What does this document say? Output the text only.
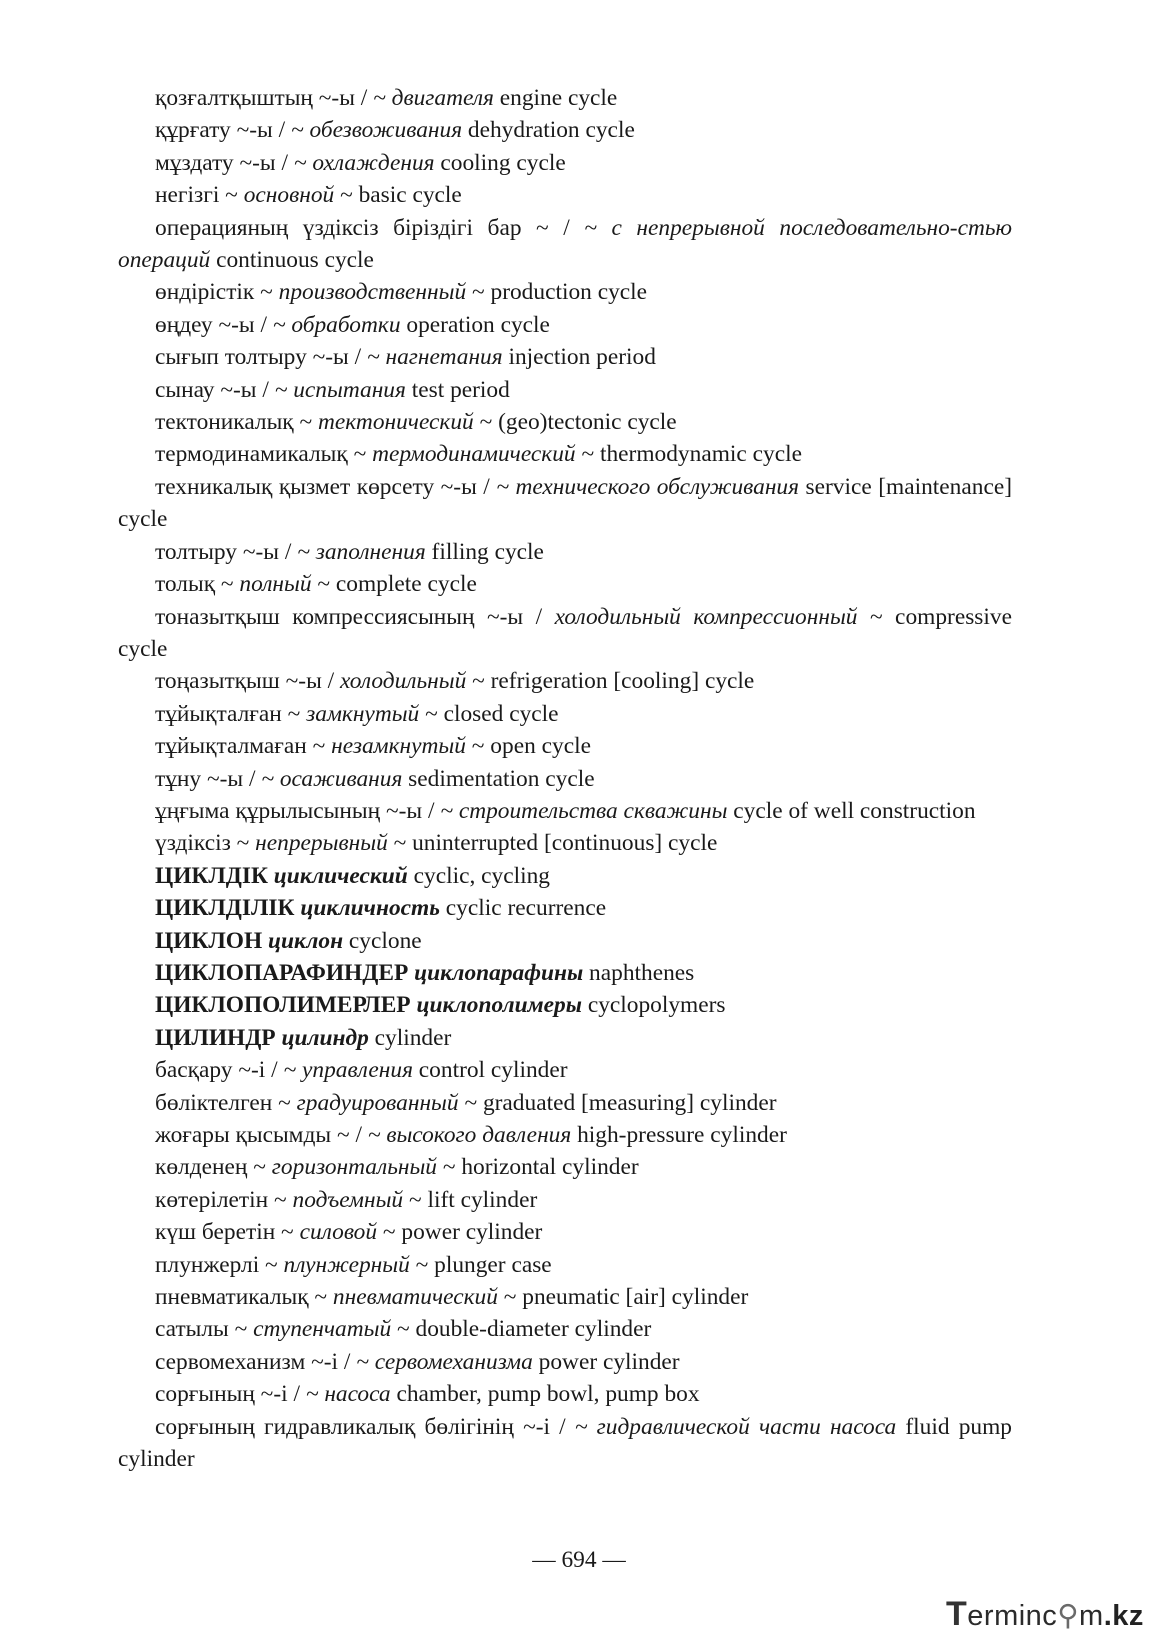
қозғалтқыштың ~-ы / ~ двигателя engine cycle

құрғату ~-ы / ~ обезвоживания dehydration cycle

мұздату ~-ы / ~ охлаждения cooling cycle

негізгі ~ основной ~ basic cycle

операцияның үздіксіз біріздігі бар ~ / ~ с непрерывной последовательно-стью операций continuous cycle

өндірістік ~ производственный ~ production cycle

өңдеу ~-ы / ~ обработки operation cycle

сығып толтыру ~-ы / ~ нагнетания injection period

сынау ~-ы / ~ испытания test period

тектоникалық ~ тектонический ~ (geo)tectonic cycle

термодинамикалық ~ термодинамический ~ thermodynamic cycle

техникалық қызмет көрсету ~-ы / ~ технического обслуживания service [maintenance] cycle

толтыру ~-ы / ~ заполнения filling cycle

толық ~ полный ~ complete cycle

тоназытқыш компрессиясының ~-ы / холодильный компрессионный ~ compressive cycle

тоңазытқыш ~-ы / холодильный ~ refrigeration [cooling] cycle

тұйықталған ~ замкнутый ~ closed cycle

тұйықталмаған ~ незамкнутый ~ open cycle

тұну ~-ы / ~ осаживания sedimentation cycle

ұңғыма құрылысының ~-ы / ~ строительства скважины cycle of well construction

үздіксіз ~ непрерывный ~ uninterrupted [continuous] cycle

ЦИКЛДІК циклический cyclic, cycling

ЦИКЛДІЛІК цикличность cyclic recurrence

ЦИКЛОН циклон cyclone

ЦИКЛОПАРАФИНДЕР циклопарафины naphthenes

ЦИКЛОПОЛИМЕРЛЕР циклополимеры cyclopolymers

ЦИЛИНДР цилиндр cylinder

басқару ~-і / ~ управления control cylinder

бөліктелген ~ градуированный ~ graduated [measuring] cylinder

жоғары қысымды ~ / ~ высокого давления high-pressure cylinder

көлденең ~ горизонтальный ~ horizontal cylinder

көтерілетін ~ подъемный ~ lift cylinder

күш беретін ~ силовой ~ power cylinder

плунжерлі ~ плунжерный ~ plunger case

пневматикалық ~ пневматический ~ pneumatic [air] cylinder

сатылы ~ ступенчатый ~ double-diameter cylinder

сервомеханизм ~-і / ~ сервомеханизма power cylinder

сорғының ~-і / ~ насоса chamber, pump bowl, pump box

сорғының гидравликалық бөлігінің ~-і / ~ гидравлической части насоса fluid pump cylinder

— 694 —
Terminc⚲m.kz
